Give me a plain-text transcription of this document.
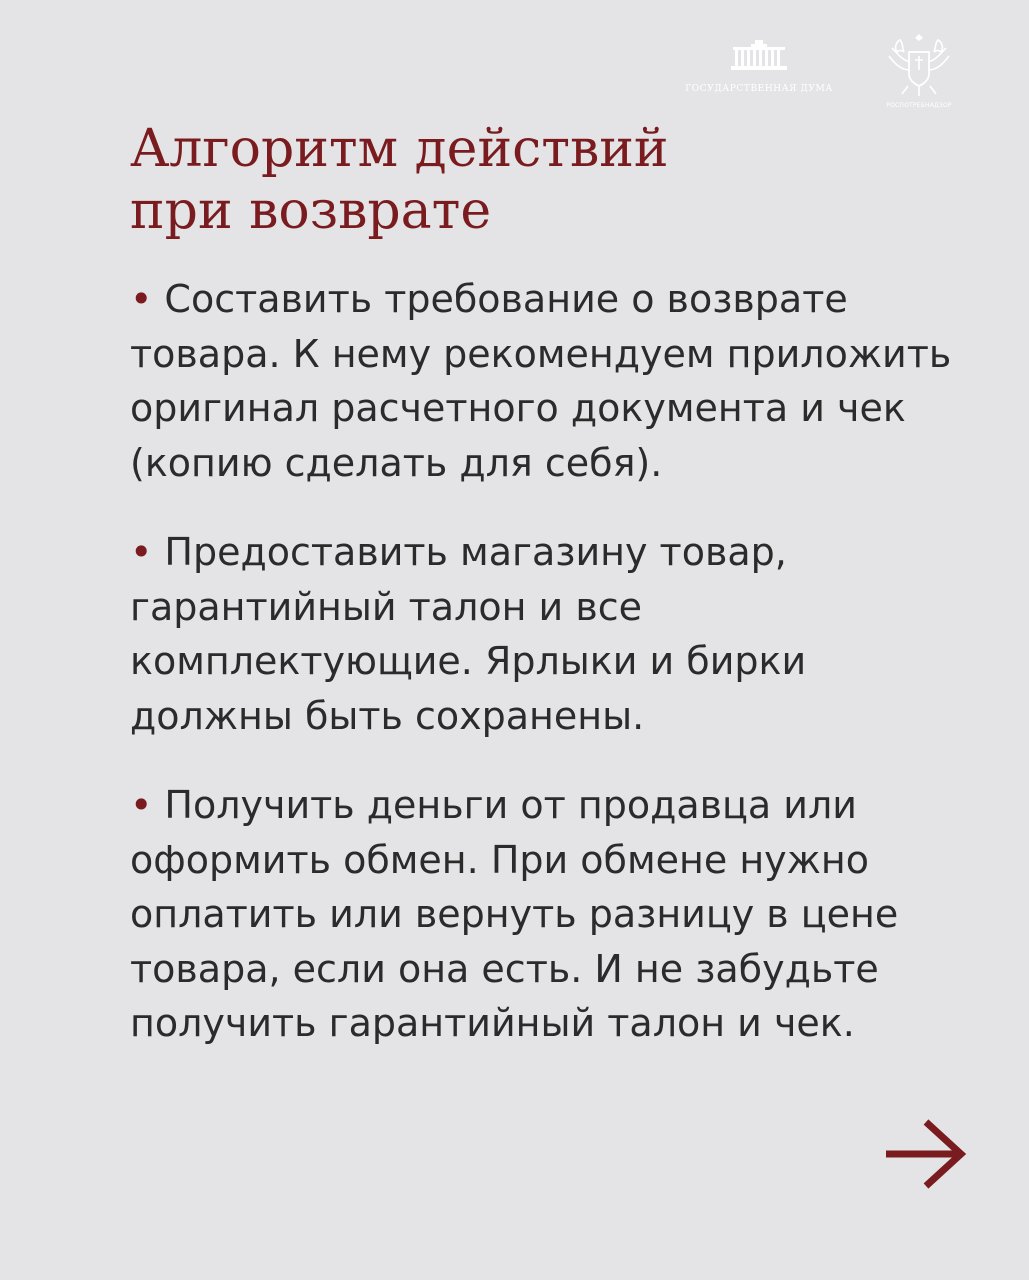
ГОСУДАРСТВЕННАЯ ДУМА
РОСПОТРЕБНАДЗОР
Алгоритм действий
при возврате

• Составить требование о возврате товара. К нему рекомендуем приложить оригинал расчетного документа и чек (копию сделать для себя).

• Предоставить магазину товар, гарантийный талон и все комплектующие. Ярлыки и бирки должны быть сохранены.

• Получить деньги от продавца или оформить обмен. При обмене нужно оплатить или вернуть разницу в цене товара, если она есть. И не забудьте получить гарантийный талон и чек.
